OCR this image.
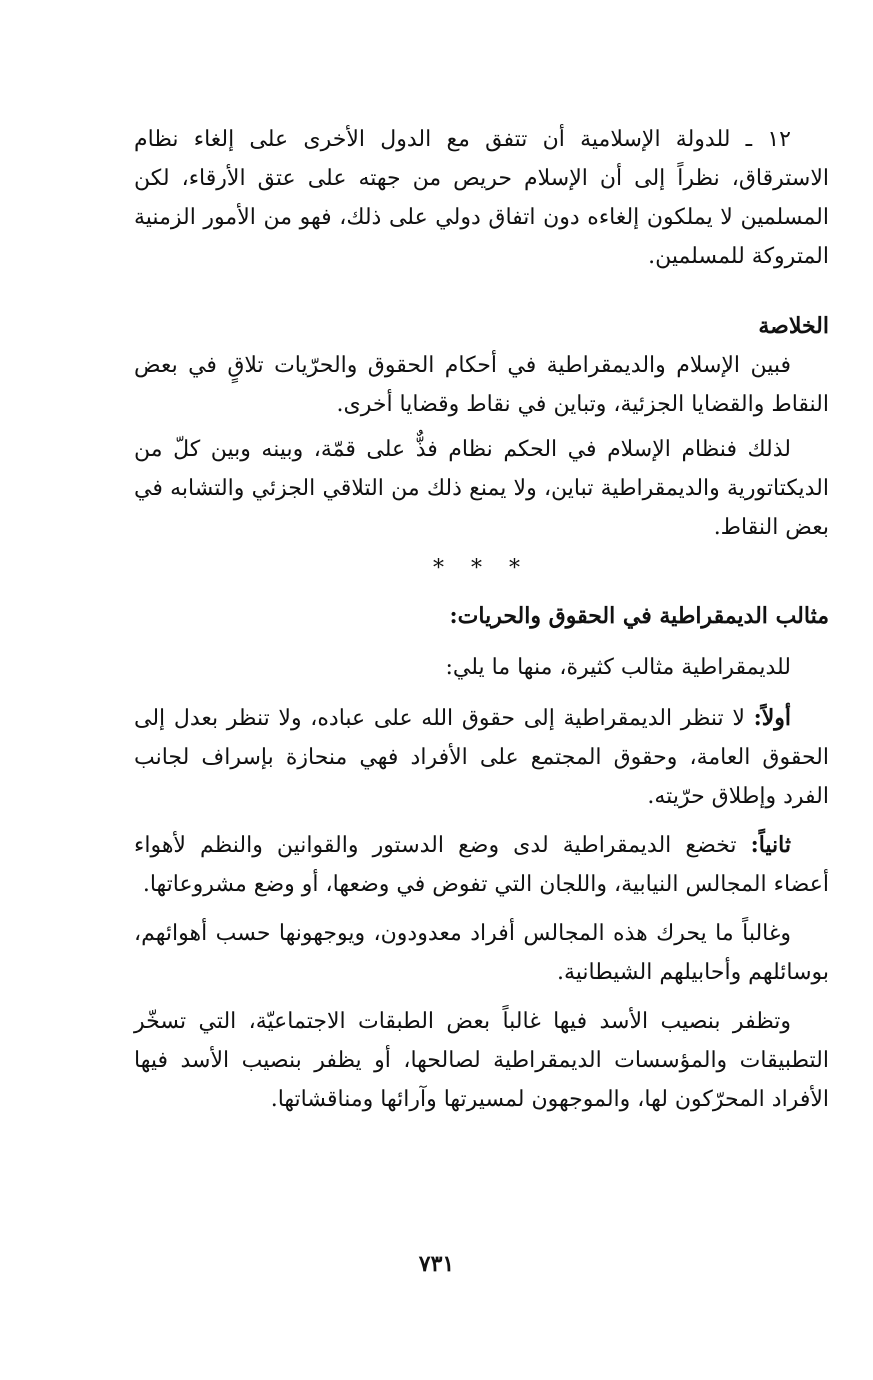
١٢ ـ للدولة الإسلامية أن تتفق مع الدول الأخرى على إلغاء نظام الاسترقاق، نظراً إلى أن الإسلام حريص من جهته على عتق الأرقاء، لكن المسلمين لا يملكون إلغاءه دون اتفاق دولي على ذلك، فهو من الأمور الزمنية المتروكة للمسلمين.

الخلاصة

فبين الإسلام والديمقراطية في أحكام الحقوق والحرّيات تلاقٍ في بعض النقاط والقضايا الجزئية، وتباين في نقاط وقضايا أخرى.

لذلك فنظام الإسلام في الحكم نظام فذٌّ على قمّة، وبينه وبين كلّ من الديكتاتورية والديمقراطية تباين، ولا يمنع ذلك من التلاقي الجزئي والتشابه في بعض النقاط.

* * *
مثالب الديمقراطية في الحقوق والحريات:

للديمقراطية مثالب كثيرة، منها ما يلي:

أولاً: لا تنظر الديمقراطية إلى حقوق الله على عباده، ولا تنظر بعدل إلى الحقوق العامة، وحقوق المجتمع على الأفراد فهي منحازة بإسراف لجانب الفرد وإطلاق حرّيته.

ثانياً: تخضع الديمقراطية لدى وضع الدستور والقوانين والنظم لأهواء أعضاء المجالس النيابية، واللجان التي تفوض في وضعها، أو وضع مشروعاتها.

وغالباً ما يحرك هذه المجالس أفراد معدودون، ويوجهونها حسب أهوائهم، بوسائلهم وأحابيلهم الشيطانية.

وتظفر بنصيب الأسد فيها غالباً بعض الطبقات الاجتماعيّة، التي تسخّر التطبيقات والمؤسسات الديمقراطية لصالحها، أو يظفر بنصيب الأسد فيها الأفراد المحرّكون لها، والموجهون لمسيرتها وآرائها ومناقشاتها.

٧٣١
